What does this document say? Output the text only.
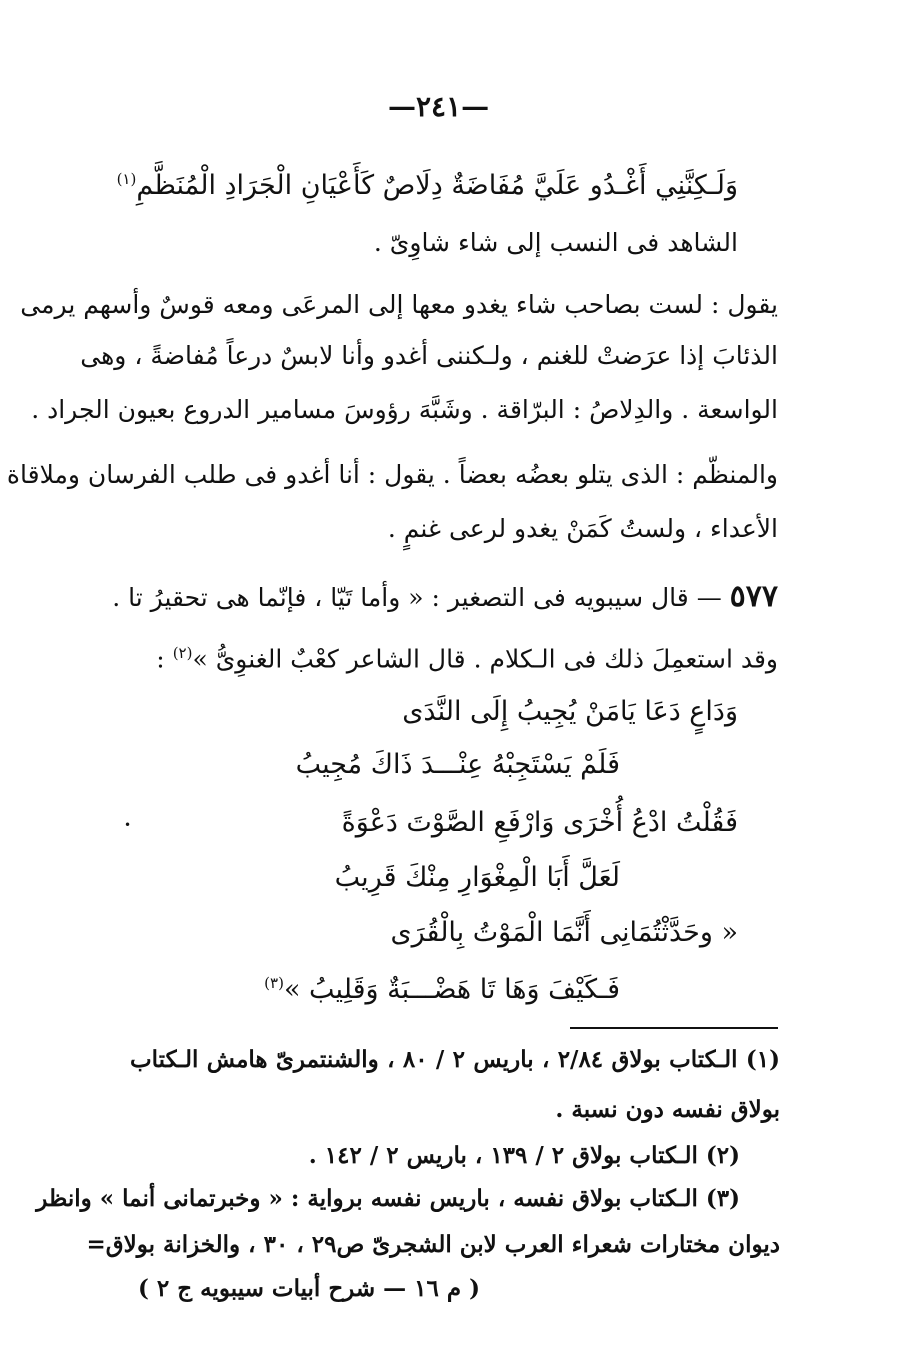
—٢٤١—
وَلَـكِنَّنِي أَغْـدُو عَلَيَّ مُفَاضَةٌ دِلَاصٌ كَأَعْيَانِ الْجَرَادِ الْمُنَظَّمِ$^{(١)}$
الشاهد فى النسب إلى شاء شاوِىّ .
يقول : لست بصاحب شاء يغدو معها إلى المرعَى ومعه قوسٌ وأسهم يرمى
الذئابَ إذا عرَضتْ للغنم ، ولـكننى أغدو وأنا لابسٌ درعاً مُفاضةً ، وهى
الواسعة . والدِلاصُ : البرّاقة . وشَبَّهَ رؤوسَ مسامير الدروع بعيون الجراد .
والمنظّم : الذى يتلو بعضُه بعضاً . يقول : أنا أغدو فى طلب الفرسان وملاقاة
الأعداء ، ولستُ كَمَنْ يغدو لرعى غنمٍ .
٥٧٧ — قال سيبويه فى التصغير : « وأما تَيّا ، فإنّما هى تحقيرُ تا .
وقد استعمِلَ ذلك فى الـكلام . قال الشاعر كعْبٌ الغنوِىُّ »$^{(٢)}$ :
وَدَاعٍ دَعَا يَامَنْ يُجِيبُ إِلَى النَّدَى
فَلَمْ يَسْتَجِبْهُ عِنْـــدَ ذَاكَ مُجِيبُ
فَقُلْتُ ادْعُ أُخْرَى وَارْفَعِ الصَّوْتَ دَعْوَةً
لَعَلَّ أَبَا الْمِغْوَارِ مِنْكَ قَرِيبُ
« وحَدَّثْتُمَانِى أَنَّمَا الْمَوْتُ بِالْقُرَى
فَـكَيْفَ وَهَا تَا هَضْـــبَةٌ وَقَلِيبُ »$^{(٣)}$
•
(١) الـكتاب بولاق ٢/٨٤ ، باريس ٢ / ٨٠ ، والشنتمرىّ هامش الـكتاب
بولاق نفسه دون نسبة .
(٢) الـكتاب بولاق ٢ / ١٣٩ ، باريس ٢ / ١٤٢ .
(٣) الـكتاب بولاق نفسه ، باريس نفسه برواية : « وخبرتمانى أنما » وانظر
ديوان مختارات شعراء العرب لابن الشجرىّ ص٢٩ ، ٣٠ ، والخزانة بولاق=
( م ١٦ — شرح أبيات سيبويه ج ٢ )
